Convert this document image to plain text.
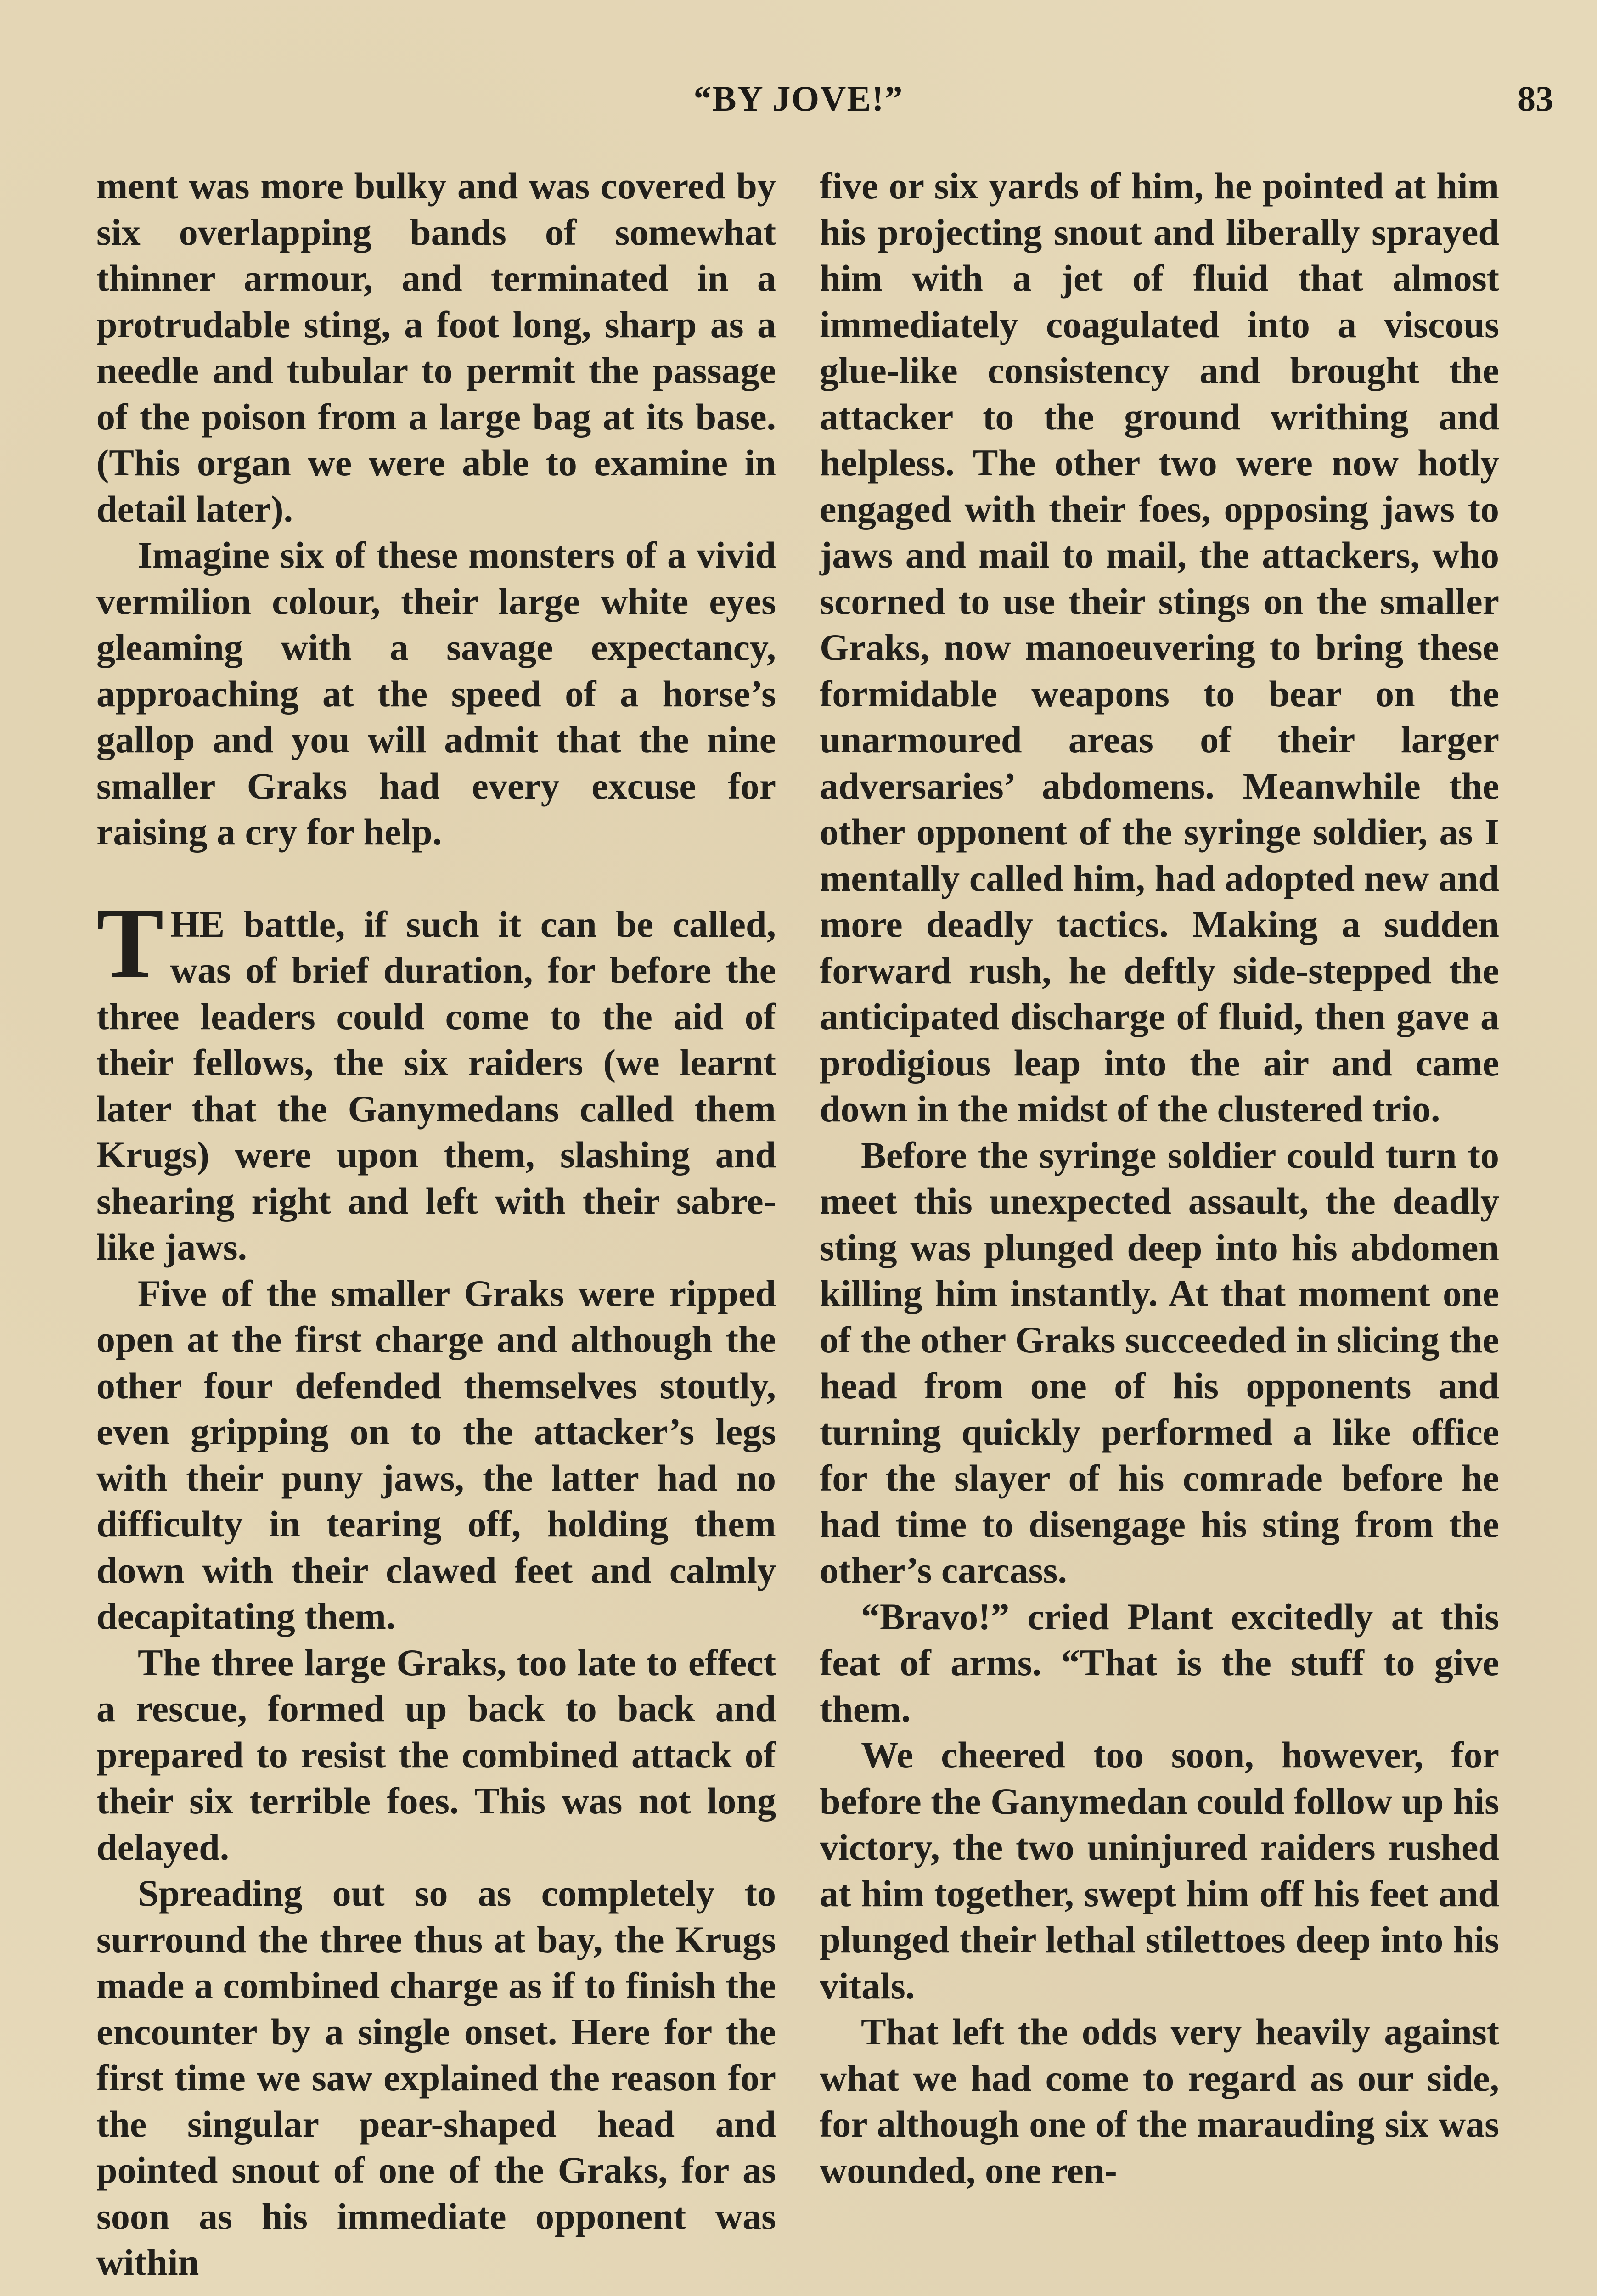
“BY JOVE!”	83

ment was more bulky and was covered by six overlapping bands of somewhat thinner armour, and terminated in a protrudable sting, a foot long, sharp as a needle and tubular to permit the passage of the poison from a large bag at its base. (This organ we were able to examine in detail later).

Imagine six of these monsters of a vivid vermilion colour, their large white eyes gleaming with a savage expectancy, approaching at the speed of a horse’s gallop and you will admit that the nine smaller Graks had every excuse for raising a cry for help.

THE battle, if such it can be called, was of brief duration, for before the three leaders could come to the aid of their fellows, the six raiders (we learnt later that the Ganymedans called them Krugs) were upon them, slashing and shearing right and left with their sabre-like jaws.

Five of the smaller Graks were ripped open at the first charge and although the other four defended themselves stoutly, even gripping on to the attacker’s legs with their puny jaws, the latter had no difficulty in tearing off, holding them down with their clawed feet and calmly decapitating them.

The three large Graks, too late to effect a rescue, formed up back to back and prepared to resist the combined attack of their six terrible foes. This was not long delayed.

Spreading out so as completely to surround the three thus at bay, the Krugs made a combined charge as if to finish the encounter by a single onset. Here for the first time we saw explained the reason for the singular pear-shaped head and pointed snout of one of the Graks, for as soon as his immediate opponent was within

five or six yards of him, he pointed at him his projecting snout and liberally sprayed him with a jet of fluid that almost immediately coagulated into a viscous glue-like consistency and brought the attacker to the ground writhing and helpless. The other two were now hotly engaged with their foes, opposing jaws to jaws and mail to mail, the attackers, who scorned to use their stings on the smaller Graks, now manoeuvering to bring these formidable weapons to bear on the unarmoured areas of their larger adversaries’ abdomens. Meanwhile the other opponent of the syringe soldier, as I mentally called him, had adopted new and more deadly tactics. Making a sudden forward rush, he deftly side-stepped the anticipated discharge of fluid, then gave a prodigious leap into the air and came down in the midst of the clustered trio.

Before the syringe soldier could turn to meet this unexpected assault, the deadly sting was plunged deep into his abdomen killing him instantly. At that moment one of the other Graks succeeded in slicing the head from one of his opponents and turning quickly performed a like office for the slayer of his comrade before he had time to disengage his sting from the other’s carcass.

“Bravo!” cried Plant excitedly at this feat of arms. “That is the stuff to give them.

We cheered too soon, however, for before the Ganymedan could follow up his victory, the two uninjured raiders rushed at him together, swept him off his feet and plunged their lethal stilettoes deep into his vitals.

That left the odds very heavily against what we had come to regard as our side, for although one of the marauding six was wounded, one ren-
